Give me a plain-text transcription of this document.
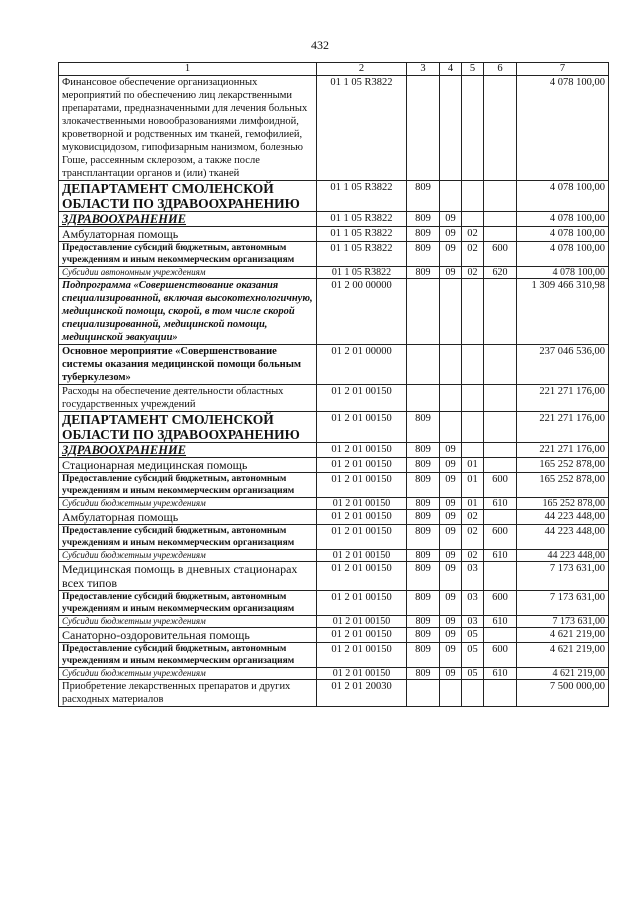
432
1	2	3	4	5	6	7
Финансовое обеспечение организационных мероприятий по обеспечению лиц лекарственными препаратами, предназначенными для лечения больных злокачественными новообразованиями лимфоидной, кроветворной и родственных им тканей, гемофилией, муковисцидозом, гипофизарным нанизмом, болезнью Гоше, рассеянным склерозом, а также после трансплантации органов и (или) тканей	01 1 05 R3822					4 078 100,00
ДЕПАРТАМЕНТ СМОЛЕНСКОЙ ОБЛАСТИ ПО ЗДРАВООХРАНЕНИЮ	01 1 05 R3822	809				4 078 100,00
ЗДРАВООХРАНЕНИЕ	01 1 05 R3822	809	09			4 078 100,00
Амбулаторная помощь	01 1 05 R3822	809	09	02		4 078 100,00
Предоставление субсидий бюджетным, автономным учреждениям и иным некоммерческим организациям	01 1 05 R3822	809	09	02	600	4 078 100,00
Субсидии автономным учреждениям	01 1 05 R3822	809	09	02	620	4 078 100,00
Подпрограмма «Совершенствование оказания специализированной, включая высокотехнологичную, медицинской помощи, скорой, в том числе скорой специализированной, медицинской помощи, медицинской эвакуации»	01 2 00 00000					1 309 466 310,98
Основное мероприятие «Совершенствование системы оказания медицинской помощи больным туберкулезом»	01 2 01 00000					237 046 536,00
Расходы на обеспечение деятельности областных государственных учреждений	01 2 01 00150					221 271 176,00
ДЕПАРТАМЕНТ СМОЛЕНСКОЙ ОБЛАСТИ ПО ЗДРАВООХРАНЕНИЮ	01 2 01 00150	809				221 271 176,00
ЗДРАВООХРАНЕНИЕ	01 2 01 00150	809	09			221 271 176,00
Стационарная медицинская помощь	01 2 01 00150	809	09	01		165 252 878,00
Предоставление субсидий бюджетным, автономным учреждениям и иным некоммерческим организациям	01 2 01 00150	809	09	01	600	165 252 878,00
Субсидии бюджетным учреждениям	01 2 01 00150	809	09	01	610	165 252 878,00
Амбулаторная помощь	01 2 01 00150	809	09	02		44 223 448,00
Предоставление субсидий бюджетным, автономным учреждениям и иным некоммерческим организациям	01 2 01 00150	809	09	02	600	44 223 448,00
Субсидии бюджетным учреждениям	01 2 01 00150	809	09	02	610	44 223 448,00
Медицинская помощь в дневных стационарах всех типов	01 2 01 00150	809	09	03		7 173 631,00
Предоставление субсидий бюджетным, автономным учреждениям и иным некоммерческим организациям	01 2 01 00150	809	09	03	600	7 173 631,00
Субсидии бюджетным учреждениям	01 2 01 00150	809	09	03	610	7 173 631,00
Санаторно-оздоровительная помощь	01 2 01 00150	809	09	05		4 621 219,00
Предоставление субсидий бюджетным, автономным учреждениям и иным некоммерческим организациям	01 2 01 00150	809	09	05	600	4 621 219,00
Субсидии бюджетным учреждениям	01 2 01 00150	809	09	05	610	4 621 219,00
Приобретение лекарственных препаратов и других расходных материалов	01 2 01 20030					7 500 000,00
